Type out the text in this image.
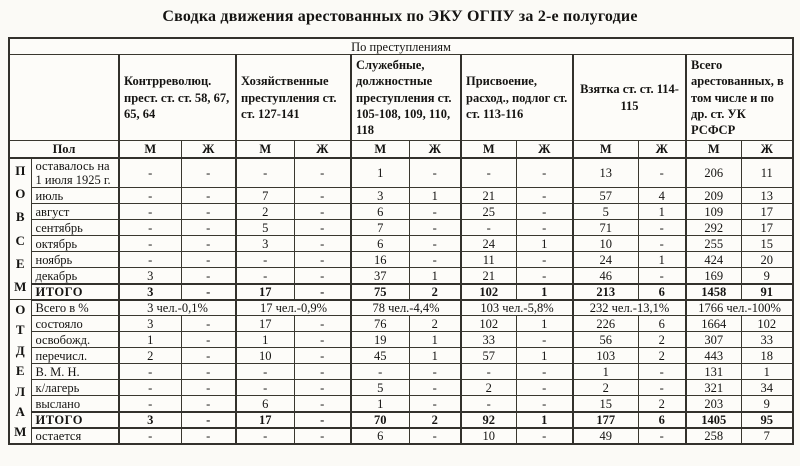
Сводка движения арестованных по ЭКУ ОГПУ за 2-е полугодие
По преступлениям													
		Контрреволюц. прест. ст. ст. 58, 67, 65, 64		Хозяйственные преступления ст. ст. 127-141		Служебные, должностные преступления ст. 105-108, 109, 110, 118		Присвоение, расход., подлог ст. ст. 113-116		Взятка ст. ст. 114-115		Всего арестованных, в том числе и по др. ст. УК РСФСР	
Пол		М	Ж	М	Ж	М	Ж	М	Ж	М	Ж	М	Ж

П
О
В
С
Е
М
	оставалось на 1 июля 1925 г.	-	-	-	-	1	-	-	-	13	-	206	11
	июль	-	-	7	-	3	1	21	-	57	4	209	13
	август	-	-	2	-	6	-	25	-	5	1	109	17
	сентябрь	-	-	5	-	7	-	-	-	71	-	292	17
	октябрь	-	-	3	-	6	-	24	1	10	-	255	15
	ноябрь	-	-	-	-	16	-	11	-	24	1	424	20
	декабрь	3	-	-	-	37	1	21	-	46	-	169	9
	ИТОГО	3	-	17	-	75	2	102	1	213	6	1458	91

О
Т
Д
Е
Л
А
М
	Всего в %	3 чел.-0,1%	17 чел.-0,9%	78 чел.-4,4%	103 чел.-5,8%	232 чел.-13,1%	1766 чел.-100%
	состояло	3	-	17	-	76	2	102	1	226	6	1664	102
	освобожд.	1	-	1	-	19	1	33	-	56	2	307	33
	перечисл.	2	-	10	-	45	1	57	1	103	2	443	18
	В. М. Н.	-	-	-	-	-	-	-	-	1	-	131	1
	к/лагерь	-	-	-	-	5	-	2	-	2	-	321	34
	выслано	-	-	6	-	1	-	-	-	15	2	203	9
	ИТОГО	3	-	17	-	70	2	92	1	177	6	1405	95
	остается	-	-	-	-	6	-	10	-	49	-	258	7
